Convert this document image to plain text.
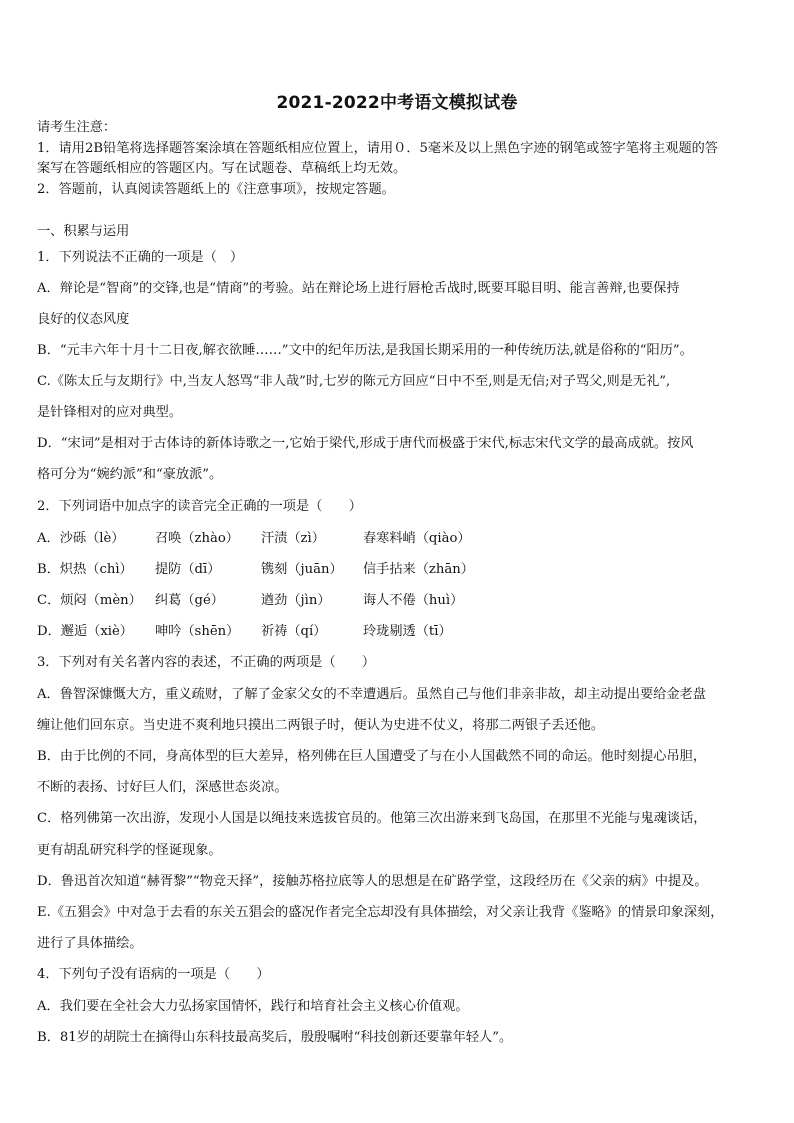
2021-2022中考语文模拟试卷
请考生注意：
1．请用2B铅笔将选择题答案涂填在答题纸相应位置上，请用０．5毫米及以上黑色字迹的钢笔或签字笔将主观题的答
案写在答题纸相应的答题区内。写在试题卷、草稿纸上均无效。
2．答题前，认真阅读答题纸上的《注意事项》，按规定答题。
一、积累与运用
1．下列说法不正确的一项是（　）
A．辩论是“智商”的交锋,也是“情商”的考验。站在辩论场上进行唇枪舌战时,既要耳聪目明、能言善辩,也要保持
良好的仪态风度
B．“元丰六年十月十二日夜,解衣欲睡……”文中的纪年历法,是我国长期采用的一种传统历法,就是俗称的“阳历”。
C.《陈太丘与友期行》中,当友人怒骂“非人哉”时,七岁的陈元方回应“日中不至,则是无信;对子骂父,则是无礼”,
是针锋相对的应对典型。
D．“宋词”是相对于古体诗的新体诗歌之一,它始于梁代,形成于唐代而极盛于宋代,标志宋代文学的最高成就。按风
格可分为“婉约派”和“豪放派”。
2．下列词语中加点字的读音完全正确的一项是（　　）
A．沙砾（lè） 召唤（zhào） 汗渍（zì）	春寒料峭（qiào）
B．炽热（chì） 提防（dī）	镌刻（juān） 信手拈来（zhān）
C．烦闷（mèn） 纠葛（gé）	遒劲（jìn） 诲人不倦（huì）
D．邂逅（xiè） 呻吟（shēn） 祈祷（qí）	玲珑剔透（tī）
3．下列对有关名著内容的表述，不正确的两项是（　　）
A．鲁智深慷慨大方，重义疏财，了解了金家父女的不幸遭遇后。虽然自己与他们非亲非故，却主动提出要给金老盘
缠让他们回东京。当史进不爽利地只摸出二两银子时，便认为史进不仗义，将那二两银子丢还他。
B．由于比例的不同，身高体型的巨大差异，格列佛在巨人国遭受了与在小人国截然不同的命运。他时刻提心吊胆，
不断的表扬、讨好巨人们，深感世态炎凉。
C．格列佛第一次出游，发现小人国是以绳技来选拔官员的。他第三次出游来到飞岛国，在那里不光能与鬼魂谈话，
更有胡乱研究科学的怪诞现象。
D．鲁迅首次知道“赫胥黎”“物竞天择”，接触苏格拉底等人的思想是在矿路学堂，这段经历在《父亲的病》中提及。
E.《五猖会》中对急于去看的东关五猖会的盛况作者完全忘却没有具体描绘，对父亲让我背《鉴略》的情景印象深刻，
进行了具体描绘。
4．下列句子没有语病的一项是（　　）
A．我们要在全社会大力弘扬家国情怀，践行和培育社会主义核心价值观。
B．81岁的胡院士在摘得山东科技最高奖后，殷殷嘱咐“科技创新还要靠年轻人”。
